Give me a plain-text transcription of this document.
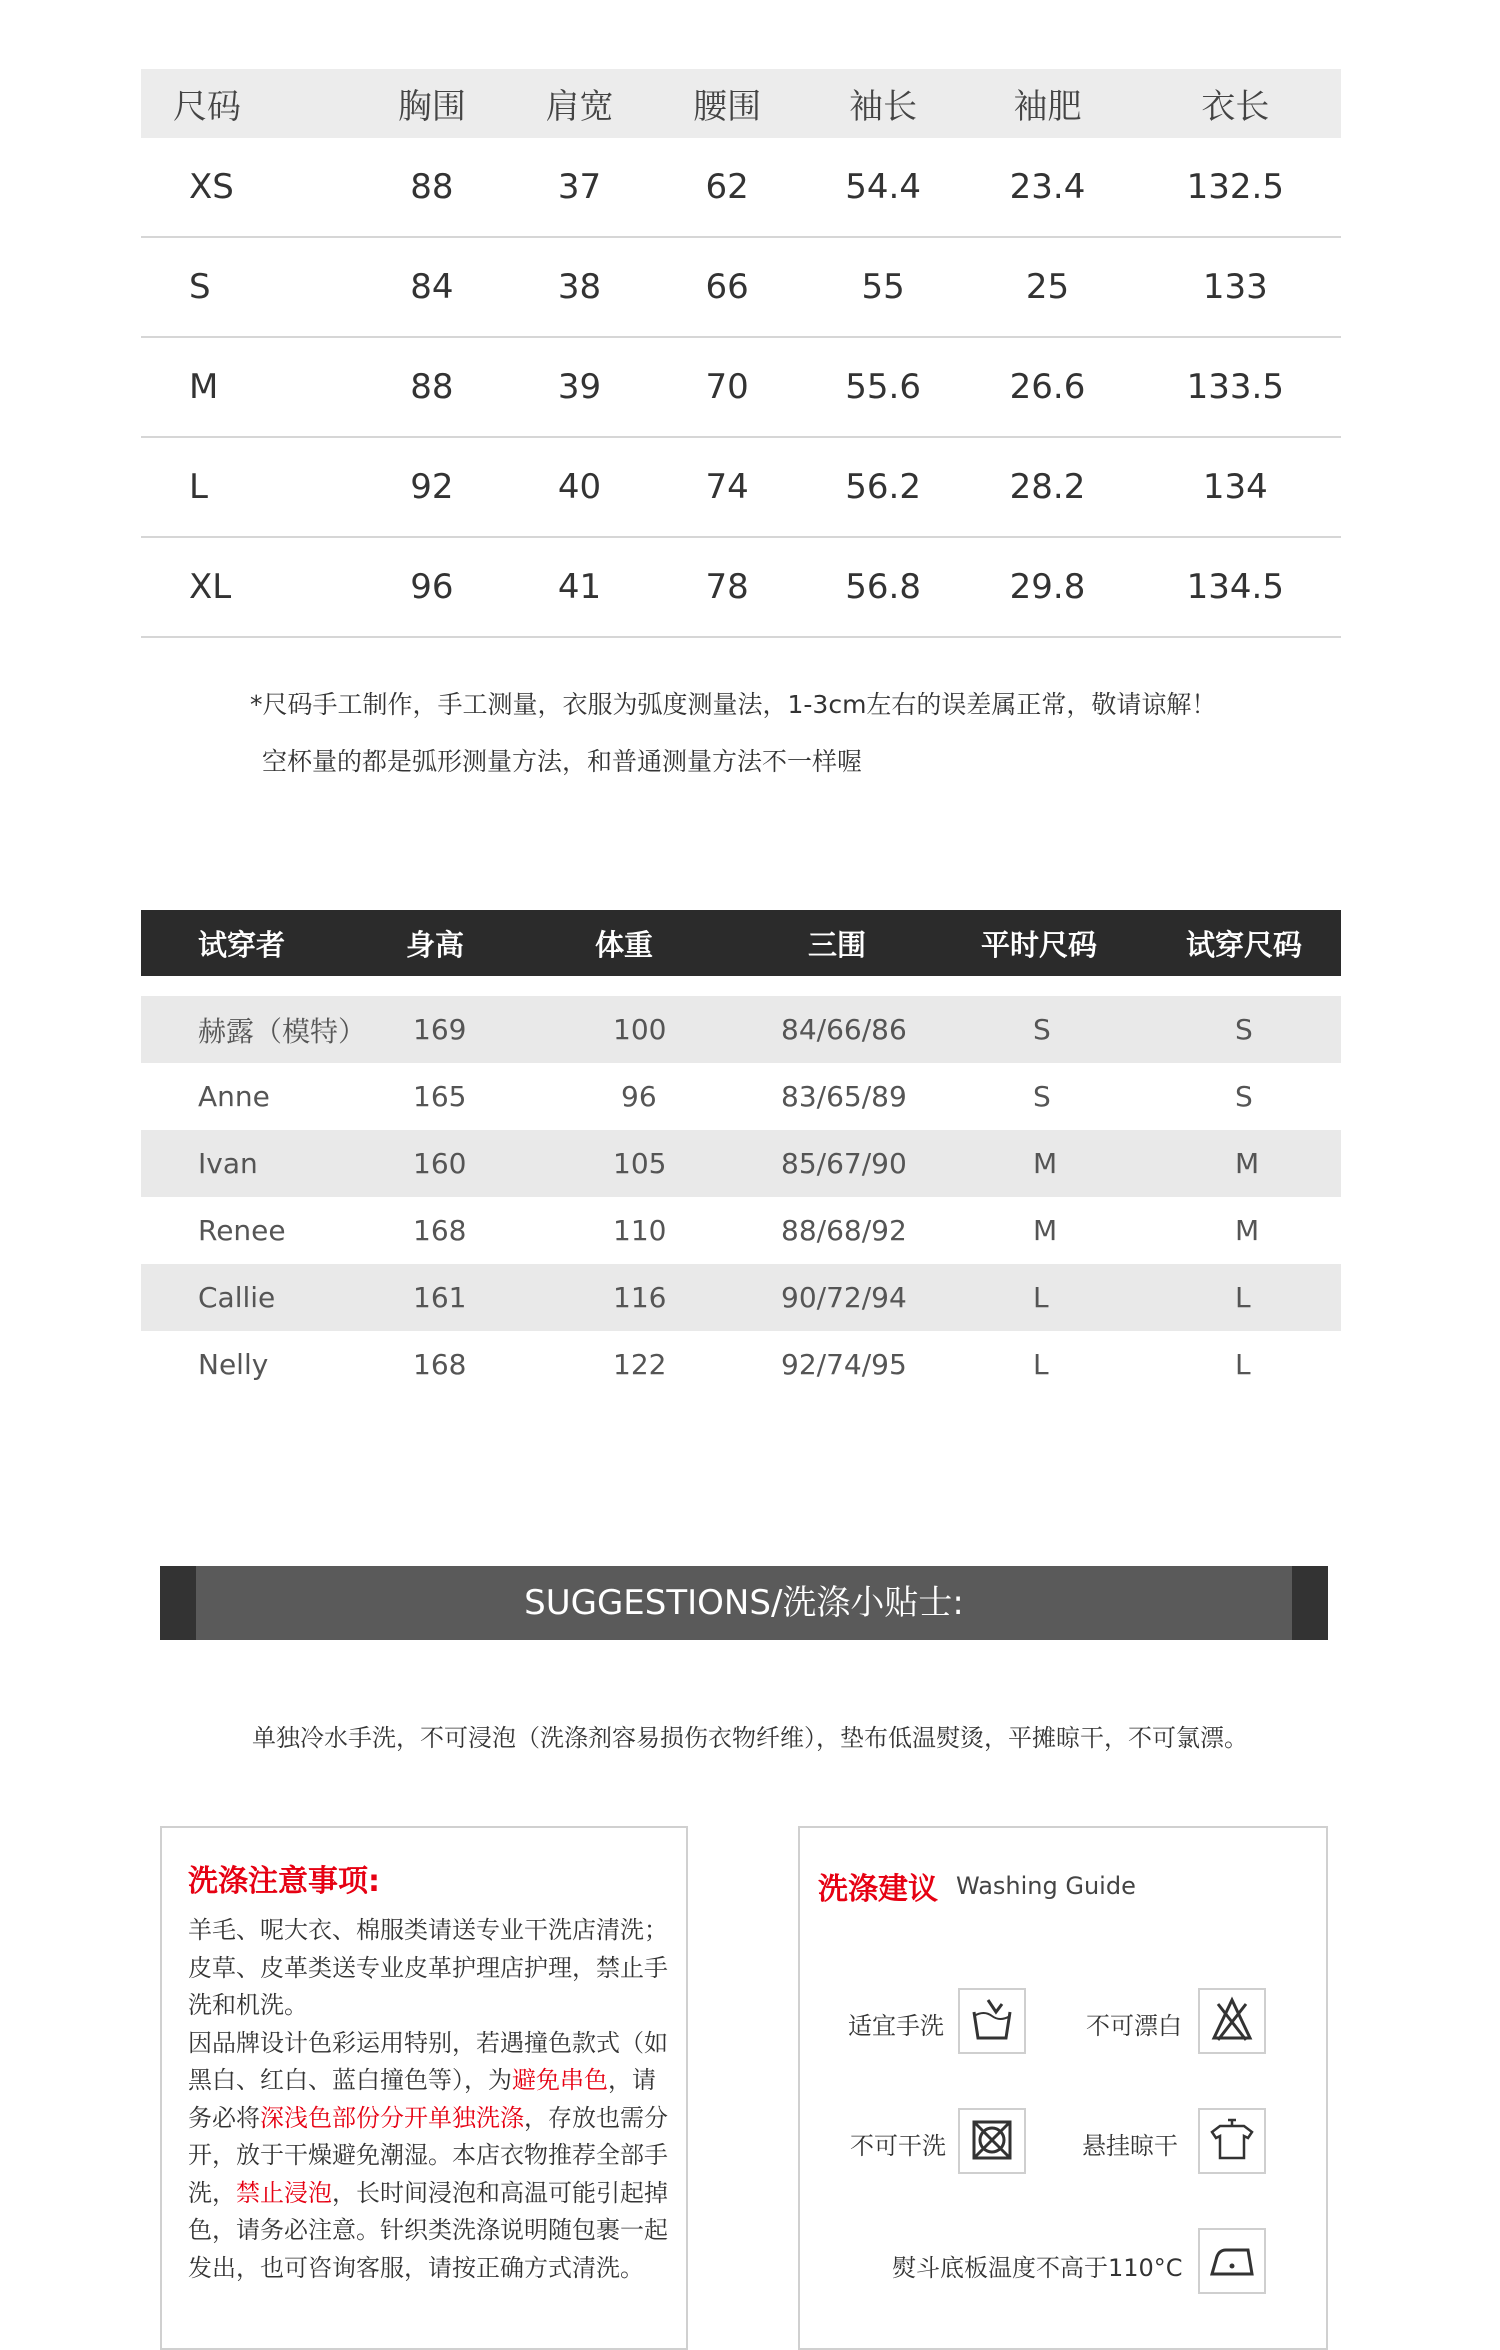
尺码	胸围	肩宽	腰围	袖长	袖肥	衣长
XS	88	37	62	54.4	23.4	132.5
S	84	38	66	55	25	133
M	88	39	70	55.6	26.6	133.5
L	92	40	74	56.2	28.2	134
XL	96	41	78	56.8	29.8	134.5
*尺码手工制作，手工测量，衣服为弧度测量法，1-3cm左右的误差属正常，敬请谅解！
空杯量的都是弧形测量方法，和普通测量方法不一样喔
试穿者	身高	体重	三围	平时尺码	试穿尺码

赫露（模特）	169	100	84/66/86	S	S
Anne	165	96	83/65/89	S	S
Ivan	160	105	85/67/90	M	M
Renee	168	110	88/68/92	M	M
Callie	161	116	90/72/94	L	L
Nelly	168	122	92/74/95	L	L
SUGGESTIONS/洗涤小贴士:
单独冷水手洗，不可浸泡（洗涤剂容易损伤衣物纤维），垫布低温熨烫，平摊晾干，不可氯漂。
洗涤注意事项:
羊毛、呢大衣、棉服类请送专业干洗店清洗；皮草、皮革类送专业皮革护理店护理，禁止手洗和机洗。
因品牌设计色彩运用特别，若遇撞色款式（如黑白、红白、蓝白撞色等），为避免串色，请务必将深浅色部份分开单独洗涤，存放也需分开，放于干燥避免潮湿。本店衣物推荐全部手洗，禁止浸泡，长时间浸泡和高温可能引起掉色，请务必注意。针织类洗涤说明随包裹一起发出，也可咨询客服，请按正确方式清洗。
洗涤建议 Washing Guide
适宜手洗	不可漂白
不可干洗	悬挂晾干
熨斗底板温度不高于110°C
